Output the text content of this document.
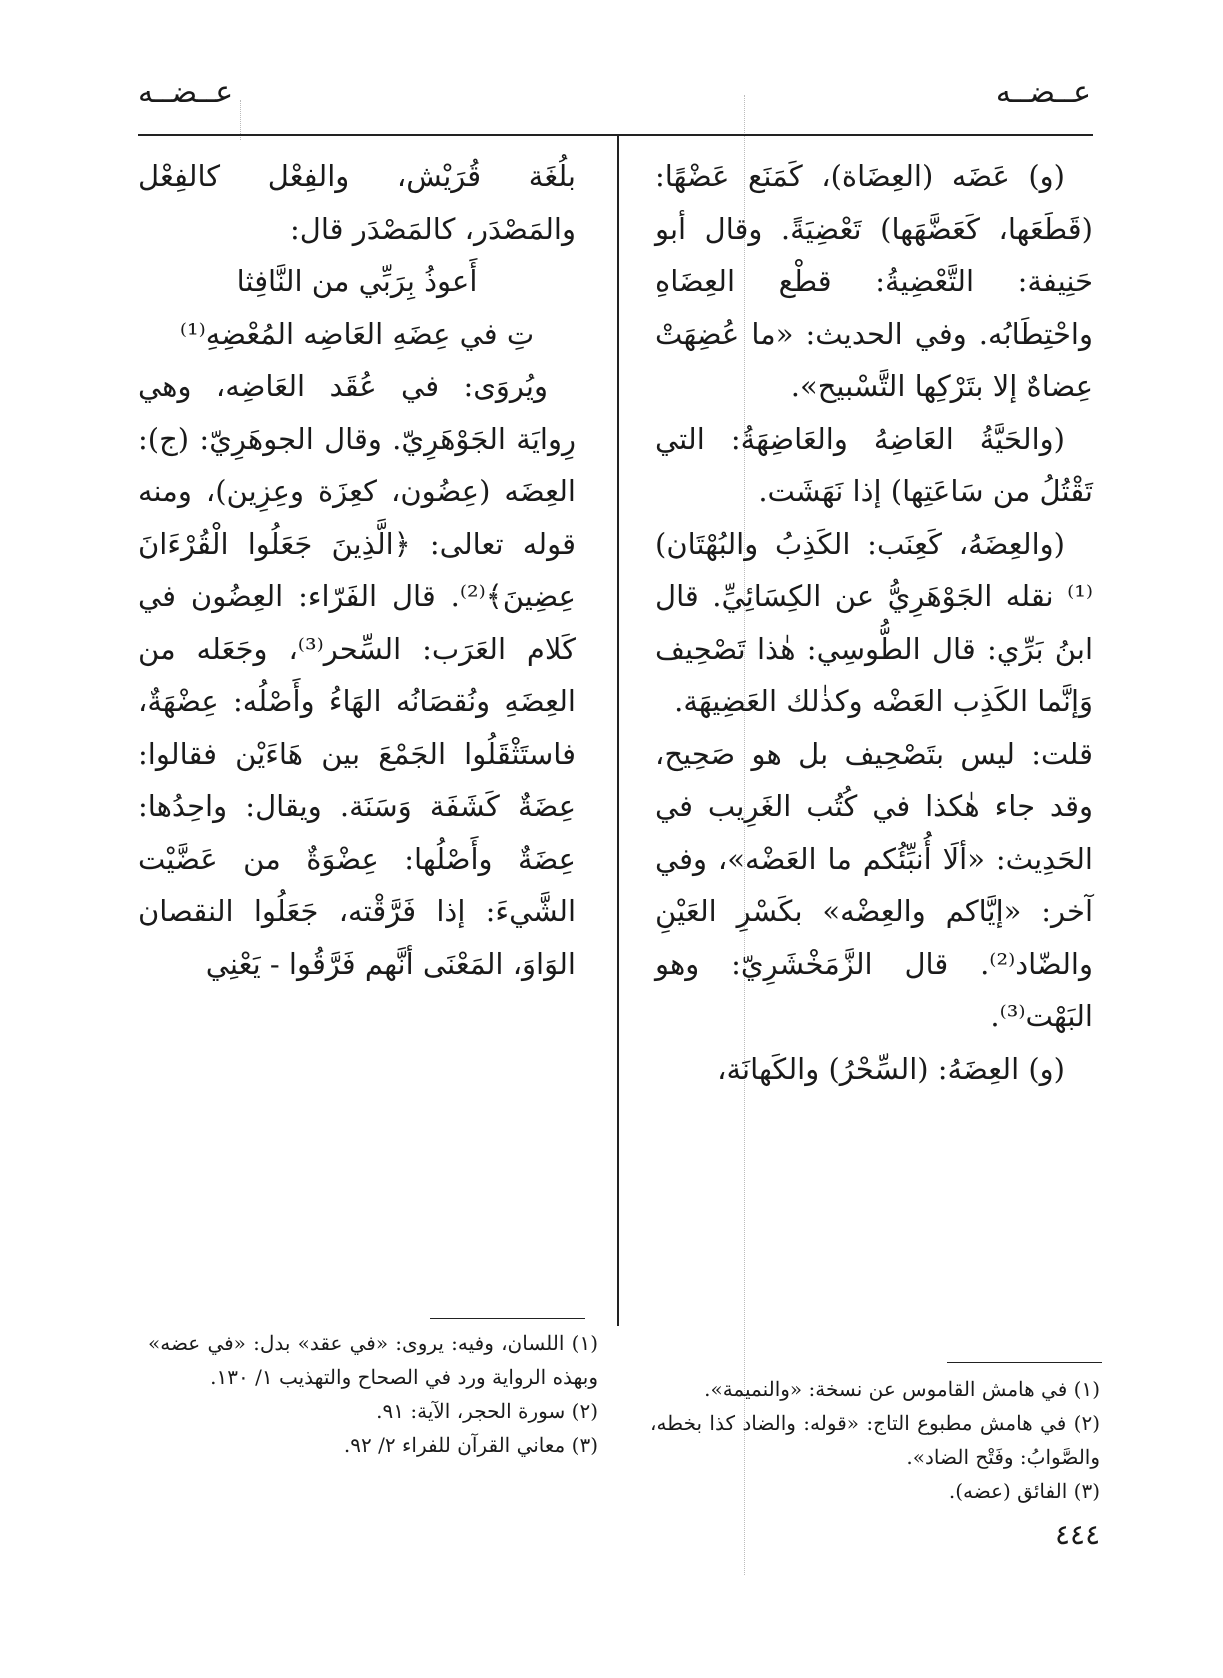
عــضــه
عــضــه

(و) عَضَه (العِضَاة)، كَمَنَع عَضْهًا: (قَطَعَها، كَعَضَّهَها) تَعْضِيَةً. وقال أبو حَنِيفة: التَّعْضِيةُ: قطْع العِضَاهِ واحْتِطَابُه. وفي الحديث: «ما عُضِهَتْ عِضاهٌ إلا بتَرْكِها التَّسْبيح».

(والحَيَّةُ العَاضِهُ والعَاضِهَةُ: التي تَقْتُلُ من سَاعَتِها) إذا نَهَشَت.

(والعِضَهُ، كَعِنَب: الكَذِبُ والبُهْتَان)⁽¹⁾ نقله الجَوْهَرِيُّ عن الكِسَائِيِّ. قال ابنُ بَرِّي: قال الطُّوسِي: هٰذا تَصْحِيف وَإنَّما الكَذِب العَضْه وكذٰلك العَضِيهَة.

قلت: ليس بتَصْحِيف بل هو صَحِيح، وقد جاء هٰكذا في كُتُب الغَرِيب في الحَدِيث: «ألَا أُنبِّئُكم ما العَضْه»، وفي آخر: «إيَّاكم والعِضْه» بكَسْرِ العَيْنِ والضّاد⁽²⁾. قال الزَّمَخْشَرِيّ: وهو البَهْت⁽³⁾.

(و) العِضَهُ: (السِّحْرُ) والكَهانَة،

بلُغَة قُرَيْش، والفِعْل كالفِعْل والمَصْدَر، كالمَصْدَر قال:

أَعوذُ بِرَبِّي من النَّافِثا

تِ في عِضَهِ العَاضِه المُعْضِهِ⁽¹⁾

ويُروَى: في عُقَد العَاضِه، وهي رِوايَة الجَوْهَرِيّ. وقال الجوهَرِيّ: (ج): العِضَه (عِضُون، كعِزَة وعِزِين)، ومنه قوله تعالى: ﴿الَّذِينَ جَعَلُوا الْقُرْءَانَ عِضِينَ﴾⁽²⁾. قال الفَرّاء: العِضُون في كَلام العَرَب: السِّحر⁽³⁾، وجَعَله من العِضَهِ ونُقصَانُه الهَاءُ وأَصْلُه: عِضْهَةٌ، فاستَثْقَلُوا الجَمْعَ بين هَاءَيْن فقالوا: عِضَةٌ كَشَفَة وَسَنَة. ويقال: واحِدُها: عِضَةٌ وأَصْلُها: عِضْوَةٌ من عَضَّيْت الشَّيءَ: إذا فَرَّقْته، جَعَلُوا النقصان الوَاوَ، المَعْنَى أنَّهم فَرَّقُوا - يَعْنِي

(١) اللسان، وفيه: يروى: «في عقد» بدل: «في عضه» وبهذه الرواية ورد في الصحاح والتهذيب ١/ ١٣٠.
(٢) سورة الحجر، الآية: ٩١.
(٣) معاني القرآن للفراء ٢/ ٩٢.
(١) في هامش القاموس عن نسخة: «والنميمة».
(٢) في هامش مطبوع التاج: «قوله: والضاد كذا بخطه، والصَّوابُ: وفَتْح الضاد».
(٣) الفائق (عضه).
٤٤٤
